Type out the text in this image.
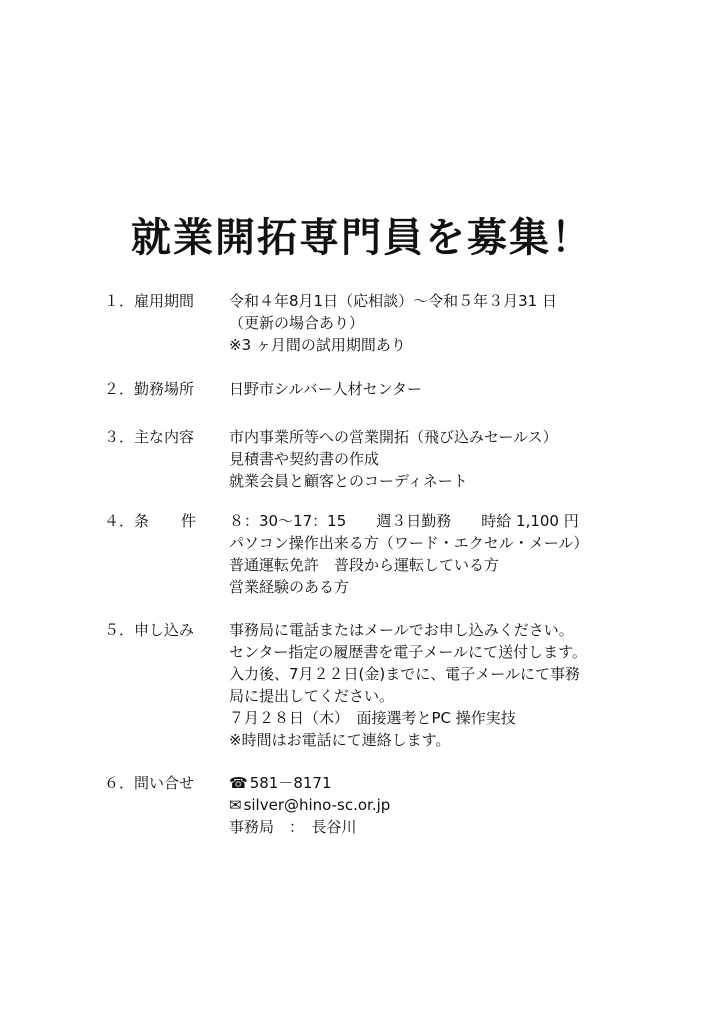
就業開拓専門員を募集！
１． 雇用期間 令和４年8月1日（応相談）～令和５年３月31 日
（更新の場合あり）
※3 ヶ月間の試用期間あり
２． 勤務場所 日野市シルバー人材センター
３． 主な内容 市内事業所等への営業開拓（飛び込みセールス）
見積書や契約書の作成
就業会員と顧客とのコーディネート
４． 条 件 ８：30～17：15　　週３日勤務　　時給 1,100 円
パソコン操作出来る方（ワード・エクセル・メール）
普通運転免許　普段から運転している方
営業経験のある方
５． 申し込み 事務局に電話またはメールでお申し込みください。
センター指定の履歴書を電子メールにて送付します。
入力後、7月２２日(金)までに、電子メールにて事務
局に提出してください。
７月２８日（木）　面接選考とPC 操作実技
※時間はお電話にて連絡します。
６． 問い合せ ☎ 581－8171
✉ silver@hino-sc.or.jp
事務局　：　長谷川
